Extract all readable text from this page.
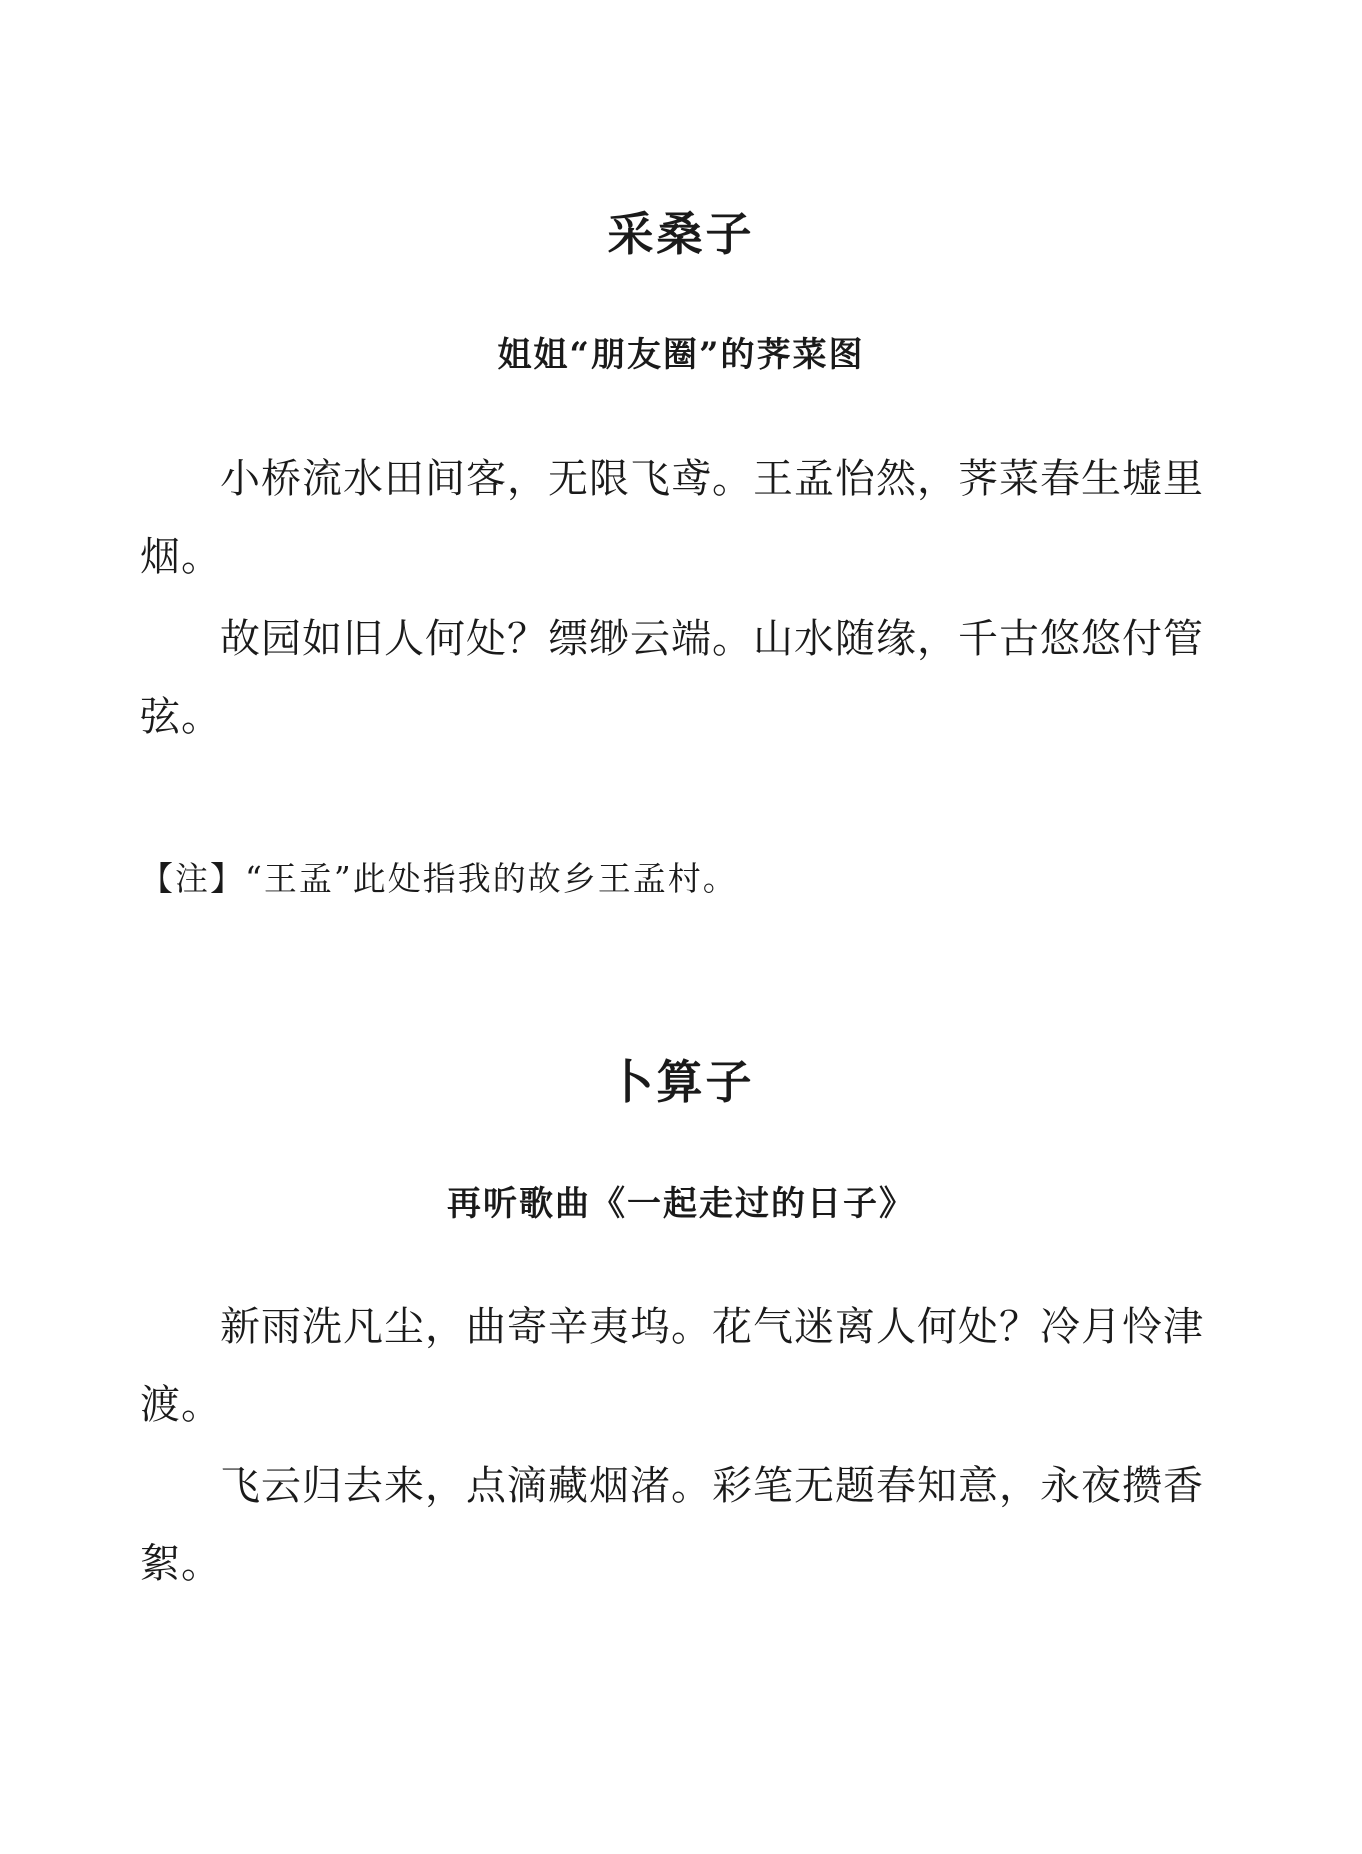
采桑子
姐姐“朋友圈”的荠菜图

小桥流水田间客，无限飞鸢。王孟怡然，荠菜春生墟里烟。

故园如旧人何处？缥缈云端。山水随缘，千古悠悠付管弦。

【注】“王孟”此处指我的故乡王孟村。

卜算子
再听歌曲《一起走过的日子》

新雨洗凡尘，曲寄辛夷坞。花气迷离人何处？冷月怜津渡。

飞云归去来，点滴藏烟渚。彩笔无题春知意，永夜攒香絮。
